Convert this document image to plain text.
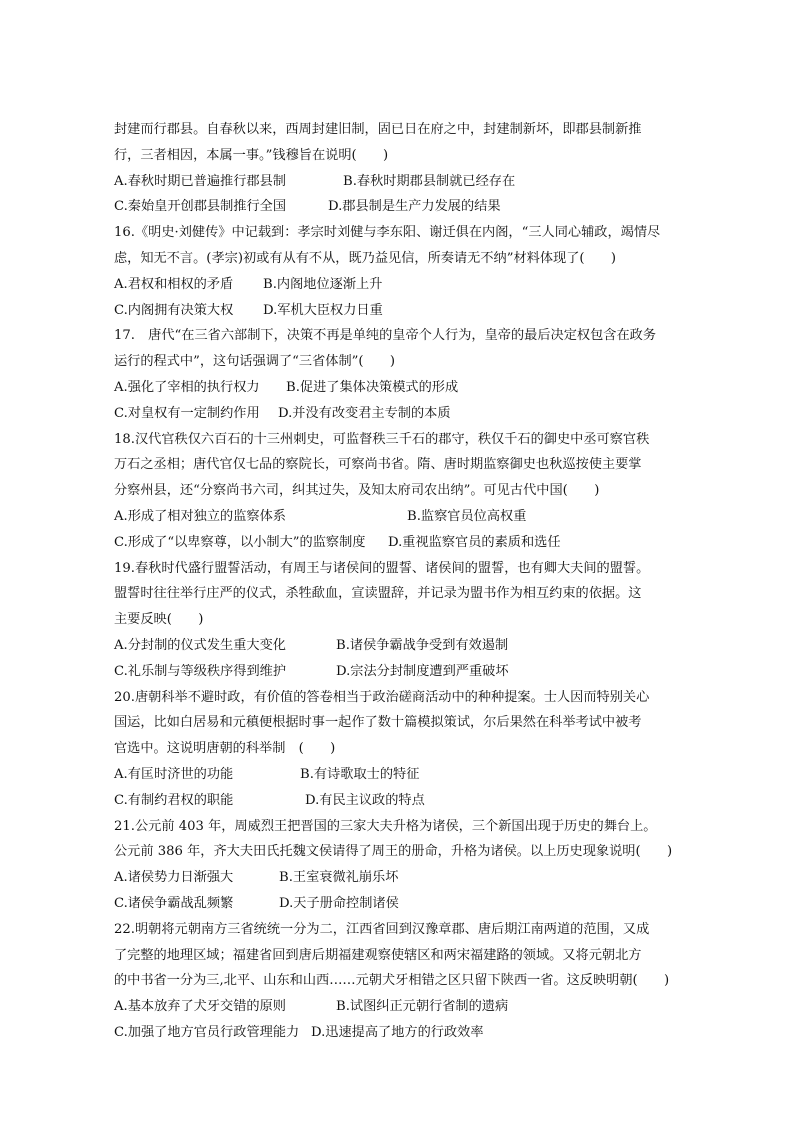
封建而行郡县。自春秋以来，西周封建旧制，固已日在府之中，封建制新坏，即郡县制新推
行，三者相因，本属一事。”钱穆旨在说明(　　)
A.春秋时期已普遍推行郡县制	B.春秋时期郡县制就已经存在
C.秦始皇开创郡县制推行全国	D.郡县制是生产力发展的结果
16.《明史·刘健传》中记载到：孝宗时刘健与李东阳、谢迁俱在内阁，“三人同心辅政，竭情尽
虑，知无不言。(孝宗)初或有从有不从，既乃益见信，所奏请无不纳”材料体现了(　　)
A.君权和相权的矛盾	B.内阁地位逐渐上升
C.内阁拥有决策大权	D.军机大臣权力日重
17.　唐代“在三省六部制下，决策不再是单纯的皇帝个人行为，皇帝的最后决定权包含在政务
运行的程式中”，这句话强调了“三省体制”(　　)
A.强化了宰相的执行权力	B.促进了集体决策模式的形成
C.对皇权有一定制约作用	D.并没有改变君主专制的本质
18.汉代官秩仅六百石的十三州刺史，可监督秩三千石的郡守，秩仅千石的御史中丞可察官秩
万石之丞相；唐代官仅七品的察院长，可察尚书省。隋、唐时期监察御史也秋巡按使主要掌
分察州县，还“分察尚书六司，纠其过失，及知太府司农出纳”。可见古代中国(　　)
A.形成了相对独立的监察体系	B.监察官员位高权重
C.形成了“以卑察尊，以小制大”的监察制度	D.重视监察官员的素质和选任
19.春秋时代盛行盟誓活动，有周王与诸侯间的盟誓、诸侯间的盟誓，也有卿大夫间的盟誓。
盟誓时往往举行庄严的仪式，杀牲歃血，宣读盟辞，并记录为盟书作为相互约束的依据。这
主要反映(　　)
A.分封制的仪式发生重大变化	B.诸侯争霸战争受到有效遏制
C.礼乐制与等级秩序得到维护	D.宗法分封制度遭到严重破坏
20.唐朝科举不避时政，有价值的答卷相当于政治磋商活动中的种种提案。士人因而特别关心
国运，比如白居易和元稹便根据时事一起作了数十篇模拟策试，尔后果然在科举考试中被考
官选中。这说明唐朝的科举制　(　　)
A.有匡时济世的功能	B.有诗歌取士的特征
C.有制约君权的职能	D.有民主议政的特点
21.公元前 403 年，周威烈王把晋国的三家大夫升格为诸侯，三个新国出现于历史的舞台上。
公元前 386 年，齐大夫田氏托魏文侯请得了周王的册命，升格为诸侯。以上历史现象说明(　　)
A.诸侯势力日渐强大	B.王室衰微礼崩乐坏
C.诸侯争霸战乱频繁	D.天子册命控制诸侯
22.明朝将元朝南方三省统统一分为二，江西省回到汉豫章郡、唐后期江南两道的范围，又成
了完整的地理区域；福建省回到唐后期福建观察使辖区和两宋福建路的领域。又将元朝北方
的中书省一分为三,北平、山东和山西……元朝犬牙相错之区只留下陕西一省。这反映明朝(　　)
A.基本放弃了犬牙交错的原则	B.试图纠正元朝行省制的遗病
C.加强了地方官员行政管理能力 D.迅速提高了地方的行政效率
